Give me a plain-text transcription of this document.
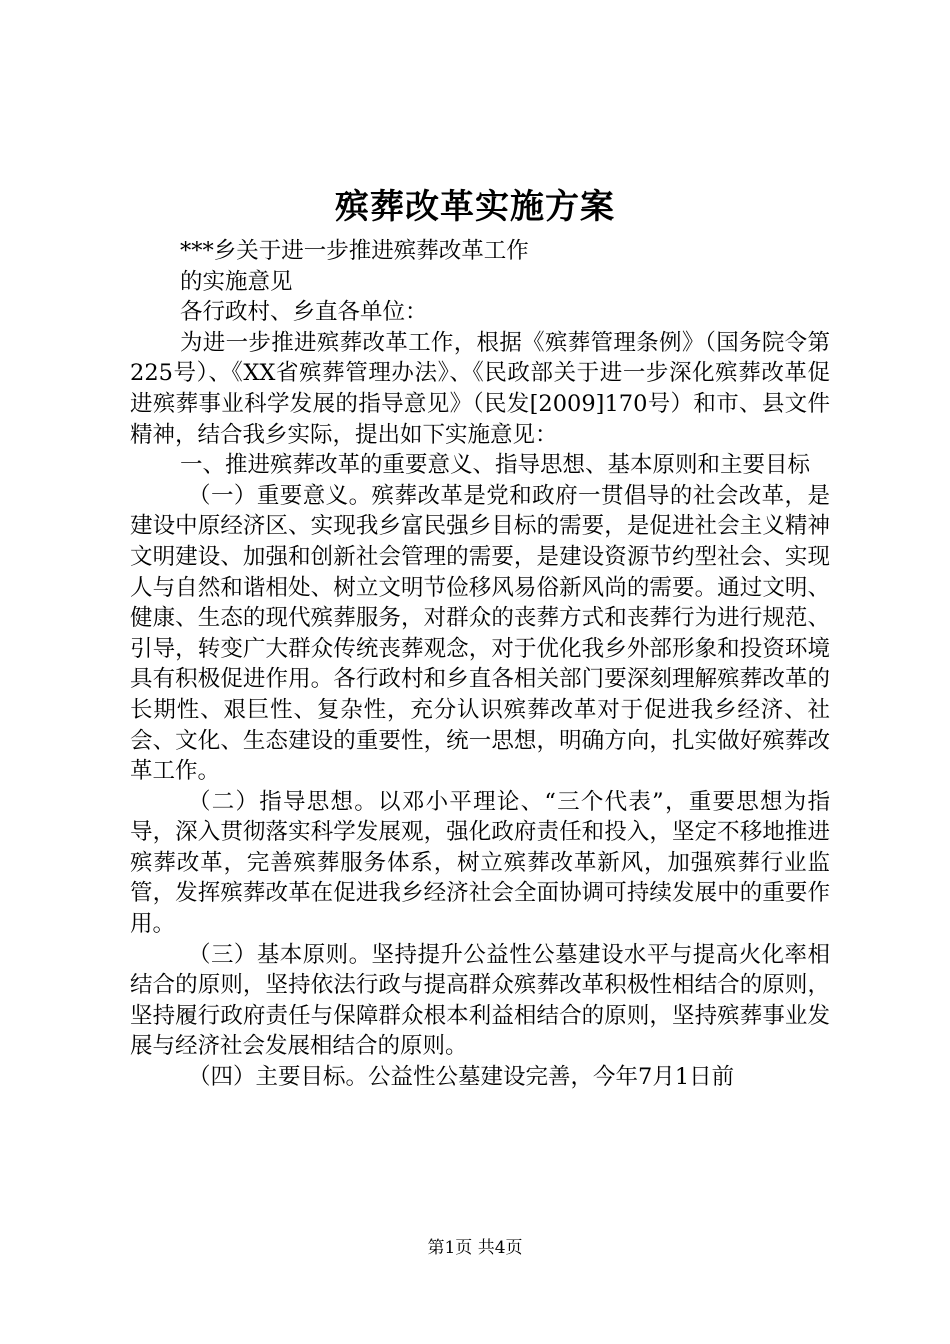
殡葬改革实施方案

***乡关于进一步推进殡葬改革工作

的实施意见

各行政村、乡直各单位：

为进一步推进殡葬改革工作，根据《殡葬管理条例》（国务院令第225号）、《XX省殡葬管理办法》、《民政部关于进一步深化殡葬改革促进殡葬事业科学发展的指导意见》（民发[2009]170号）和市、县文件精神，结合我乡实际，提出如下实施意见：

一、推进殡葬改革的重要意义、指导思想、基本原则和主要目标

（一）重要意义。殡葬改革是党和政府一贯倡导的社会改革，是建设中原经济区、实现我乡富民强乡目标的需要，是促进社会主义精神文明建设、加强和创新社会管理的需要，是建设资源节约型社会、实现人与自然和谐相处、树立文明节俭移风易俗新风尚的需要。通过文明、健康、生态的现代殡葬服务，对群众的丧葬方式和丧葬行为进行规范、引导，转变广大群众传统丧葬观念，对于优化我乡外部形象和投资环境具有积极促进作用。各行政村和乡直各相关部门要深刻理解殡葬改革的长期性、艰巨性、复杂性，充分认识殡葬改革对于促进我乡经济、社会、文化、生态建设的重要性，统一思想，明确方向，扎实做好殡葬改革工作。

（二）指导思想。以邓小平理论、“三个代表”，重要思想为指导，深入贯彻落实科学发展观，强化政府责任和投入，坚定不移地推进殡葬改革，完善殡葬服务体系，树立殡葬改革新风，加强殡葬行业监管，发挥殡葬改革在促进我乡经济社会全面协调可持续发展中的重要作用。

（三）基本原则。坚持提升公益性公墓建设水平与提高火化率相结合的原则，坚持依法行政与提高群众殡葬改革积极性相结合的原则，坚持履行政府责任与保障群众根本利益相结合的原则，坚持殡葬事业发展与经济社会发展相结合的原则。

（四）主要目标。公益性公墓建设完善，今年7月1日前

第1页 共4页
